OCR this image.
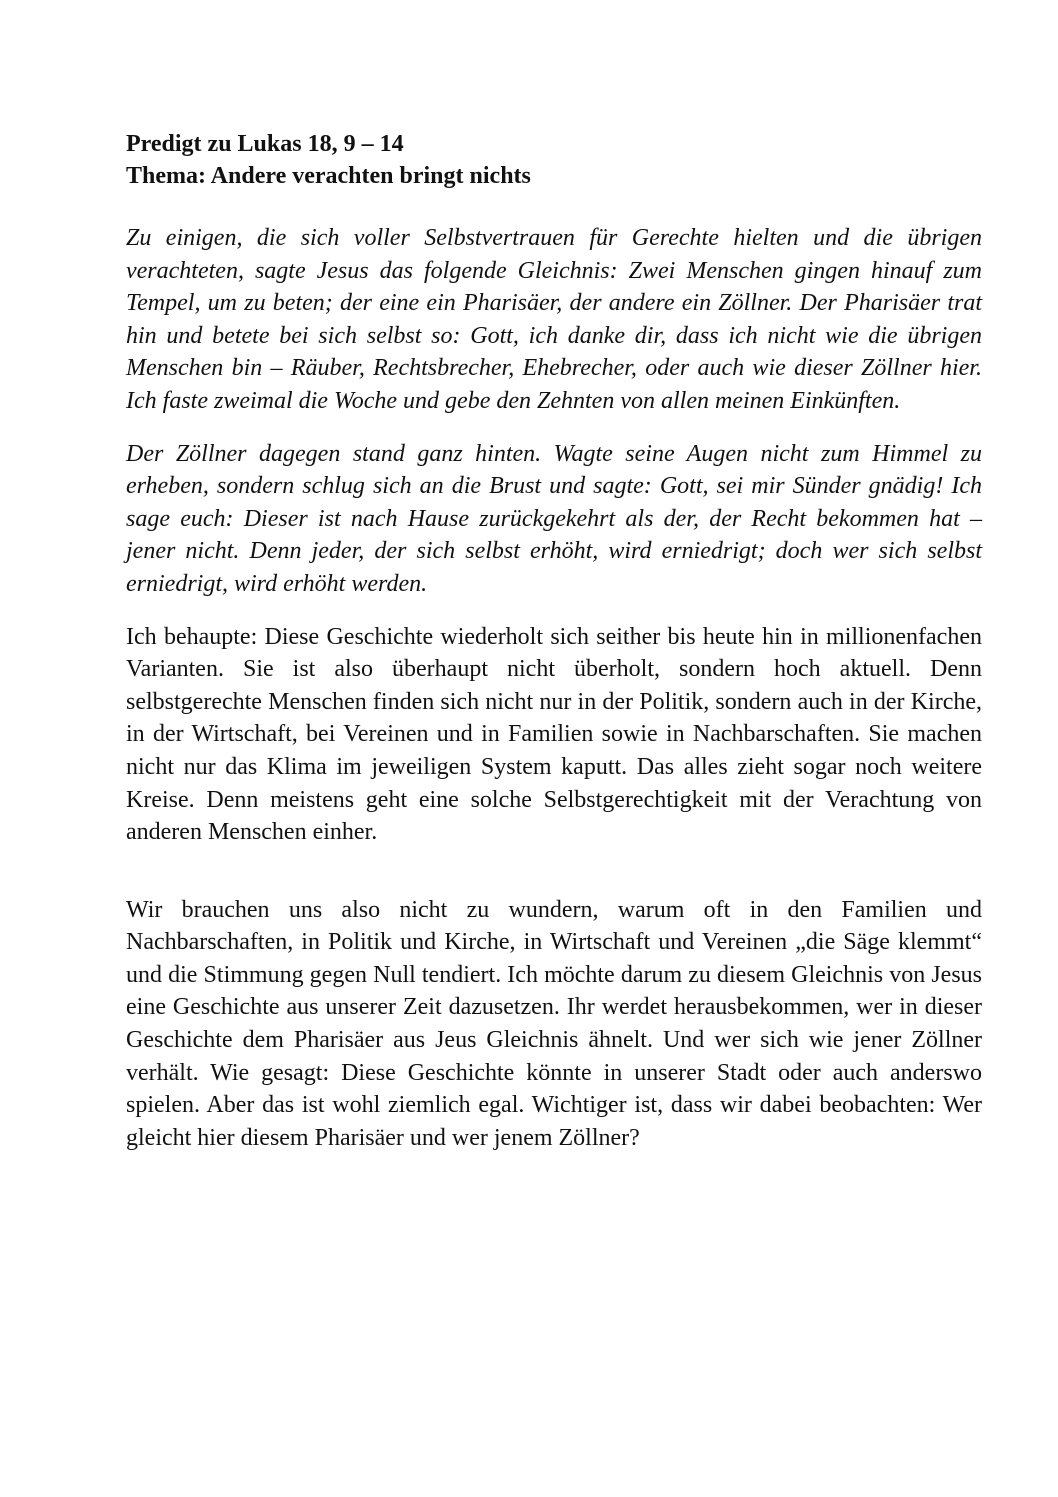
Predigt zu Lukas 18, 9 – 14

Thema: Andere verachten bringt nichts

Zu einigen, die sich voller Selbstvertrauen für Gerechte hielten und die übrigen verachteten, sagte Jesus das folgende Gleichnis: Zwei Menschen gingen hinauf zum Tempel, um zu beten; der eine ein Pharisäer, der andere ein Zöllner. Der Pharisäer trat hin und betete bei sich selbst so: Gott, ich danke dir, dass ich nicht wie die übrigen Menschen bin – Räuber, Rechtsbrecher, Ehebrecher, oder auch wie dieser Zöllner hier. Ich faste zweimal die Woche und gebe den Zehnten von allen meinen Einkünften.

Der Zöllner dagegen stand ganz hinten. Wagte seine Augen nicht zum Himmel zu erheben, sondern schlug sich an die Brust und sagte: Gott, sei mir Sünder gnädig! Ich sage euch: Dieser ist nach Hause zurückgekehrt als der, der Recht bekommen hat – jener nicht. Denn jeder, der sich selbst erhöht, wird erniedrigt; doch wer sich selbst erniedrigt, wird erhöht werden.

Ich behaupte: Diese Geschichte wiederholt sich seither bis heute hin in millionenfachen Varianten. Sie ist also überhaupt nicht überholt, sondern hoch aktuell. Denn selbstgerechte Menschen finden sich nicht nur in der Politik, sondern auch in der Kirche, in der Wirtschaft, bei Vereinen und in Familien sowie in Nachbarschaften. Sie machen nicht nur das Klima im jeweiligen System kaputt. Das alles zieht sogar noch weitere Kreise. Denn meistens geht eine solche Selbstgerechtigkeit mit der Verachtung von anderen Menschen einher.

Wir brauchen uns also nicht zu wundern, warum oft in den Familien und Nachbarschaften, in Politik und Kirche, in Wirtschaft und Vereinen „die Säge klemmt“ und die Stimmung gegen Null tendiert. Ich möchte darum zu diesem Gleichnis von Jesus eine Geschichte aus unserer Zeit dazusetzen. Ihr werdet herausbekommen, wer in dieser Geschichte dem Pharisäer aus Jeus Gleichnis ähnelt. Und wer sich wie jener Zöllner verhält. Wie gesagt: Diese Geschichte könnte in unserer Stadt oder auch anderswo spielen. Aber das ist wohl ziemlich egal. Wichtiger ist, dass wir dabei beobachten: Wer gleicht hier diesem Pharisäer und wer jenem Zöllner?
